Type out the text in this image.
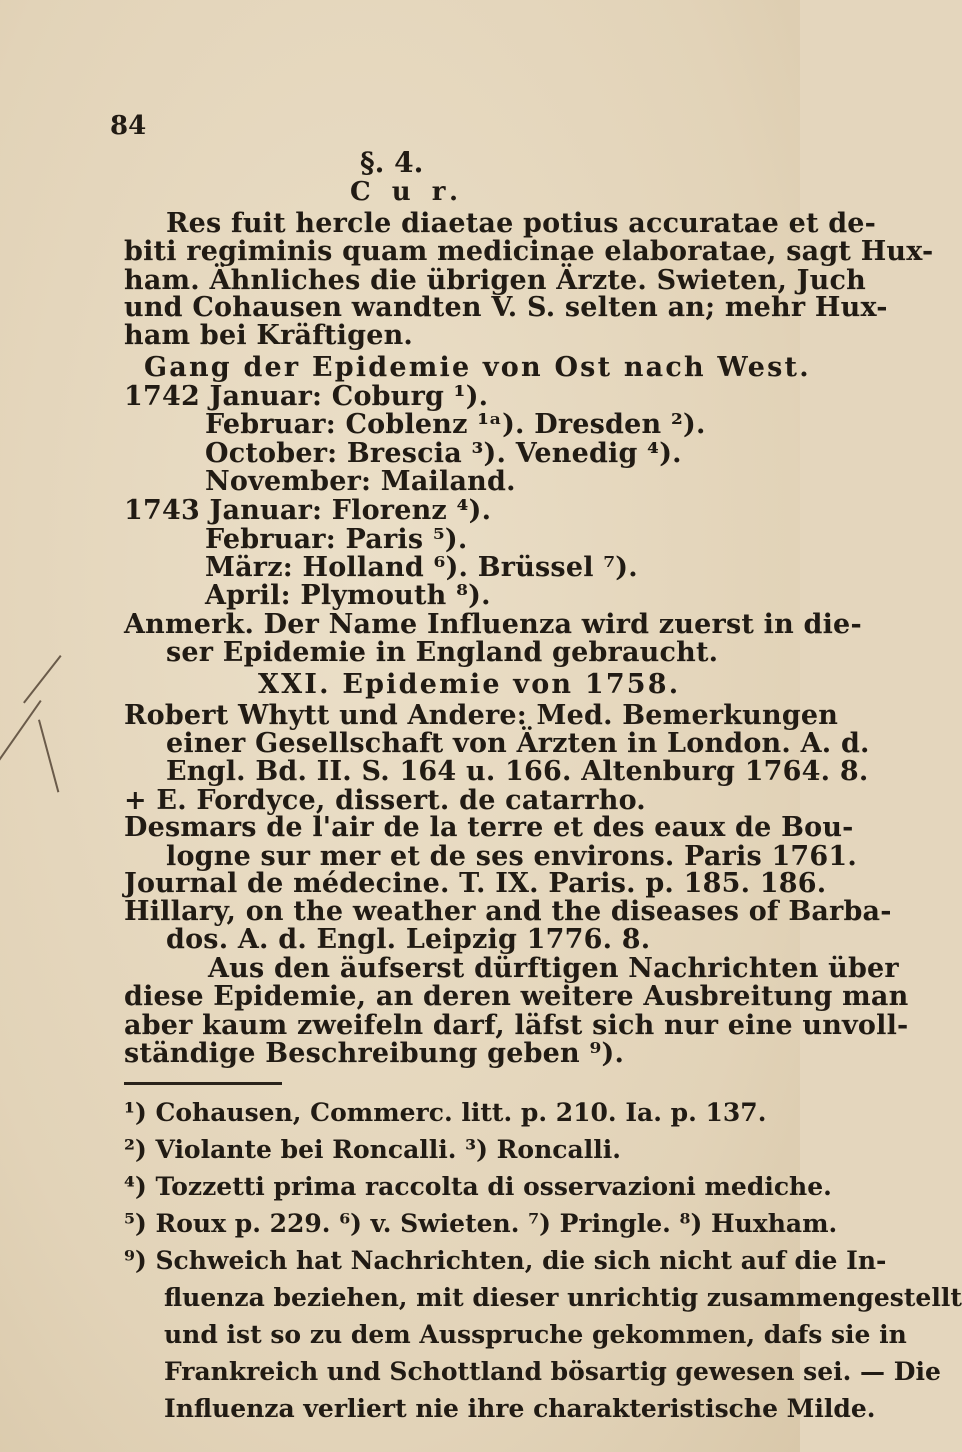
84
§. 4.
C u r.
Res fuit hercle diaetae potius accuratae et de-
biti regiminis quam medicinae elaboratae, sagt Hux-
ham. Ähnliches die übrigen Ärzte. Swieten, Juch
und Cohausen wandten V. S. selten an; mehr Hux-
ham bei Kräftigen.
Gang der Epidemie von Ost nach West.
1742 Januar: Coburg ¹).
Februar: Coblenz ¹ᵃ). Dresden ²).
October: Brescia ³). Venedig ⁴).
November: Mailand.
1743 Januar: Florenz ⁴).
Februar: Paris ⁵).
März: Holland ⁶). Brüssel ⁷).
April: Plymouth ⁸).
Anmerk. Der Name Influenza wird zuerst in die-
ser Epidemie in England gebraucht.
XXI. Epidemie von 1758.
Robert Whytt und Andere: Med. Bemerkungen
einer Gesellschaft von Ärzten in London. A. d.
Engl. Bd. II. S. 164 u. 166. Altenburg 1764. 8.
+ E. Fordyce, dissert. de catarrho.
Desmars de l'air de la terre et des eaux de Bou-
logne sur mer et de ses environs. Paris 1761.
Journal de médecine. T. IX. Paris. p. 185. 186.
Hillary, on the weather and the diseases of Barba-
dos. A. d. Engl. Leipzig 1776. 8.
Aus den äufserst dürftigen Nachrichten über
diese Epidemie, an deren weitere Ausbreitung man
aber kaum zweifeln darf, läfst sich nur eine unvoll-
ständige Beschreibung geben ⁹).
¹) Cohausen, Commerc. litt. p. 210. Ia. p. 137.
²) Violante bei Roncalli. ³) Roncalli.
⁴) Tozzetti prima raccolta di osservazioni mediche.
⁵) Roux p. 229. ⁶) v. Swieten. ⁷) Pringle. ⁸) Huxham.
⁹) Schweich hat Nachrichten, die sich nicht auf die In-
fluenza beziehen, mit dieser unrichtig zusammengestellt
und ist so zu dem Ausspruche gekommen, dafs sie in
Frankreich und Schottland bösartig gewesen sei. — Die
Influenza verliert nie ihre charakteristische Milde.
